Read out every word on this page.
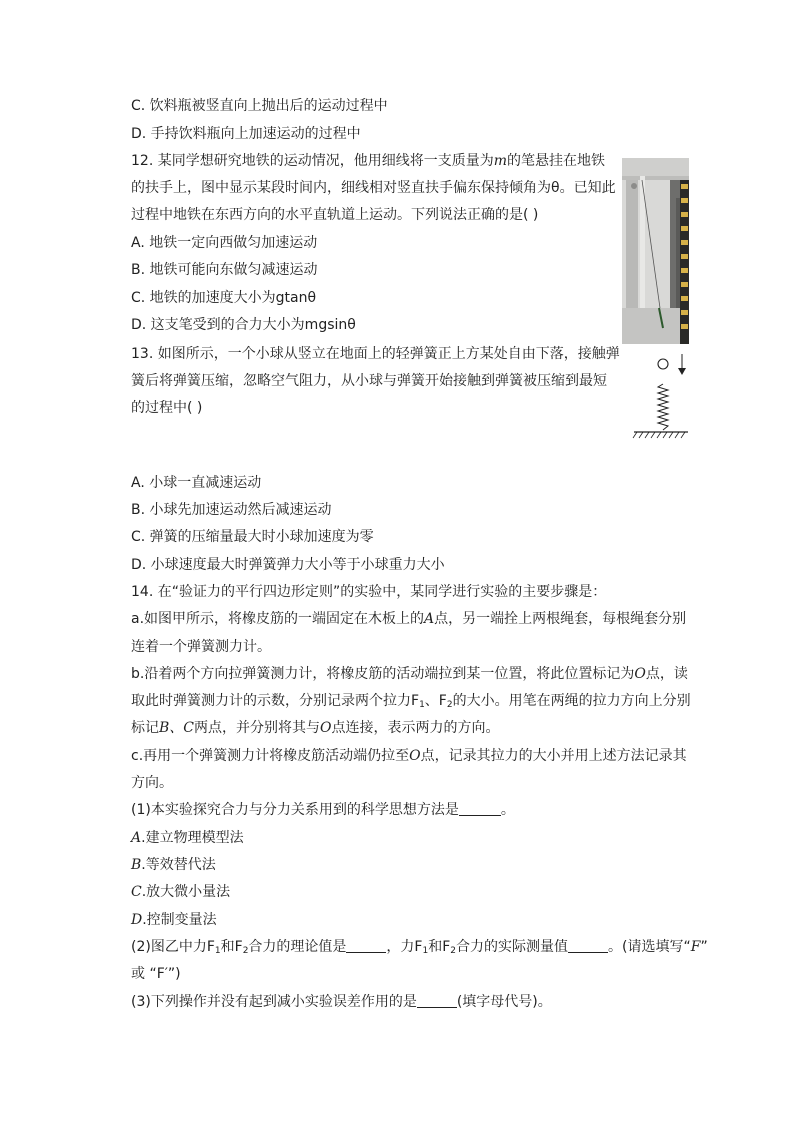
C. 饮料瓶被竖直向上抛出后的运动过程中
D. 手持饮料瓶向上加速运动的过程中
12. 某同学想研究地铁的运动情况，他用细线将一支质量为m的笔悬挂在地铁
的扶手上，图中显示某段时间内，细线相对竖直扶手偏东保持倾角为θ。已知此
过程中地铁在东西方向的水平直轨道上运动。下列说法正确的是( )
A. 地铁一定向西做匀加速运动
B. 地铁可能向东做匀减速运动
C. 地铁的加速度大小为gtanθ
D. 这支笔受到的合力大小为mgsinθ
13. 如图所示，一个小球从竖立在地面上的轻弹簧正上方某处自由下落，接触弹
簧后将弹簧压缩，忽略空气阻力，从小球与弹簧开始接触到弹簧被压缩到最短
的过程中( )
A. 小球一直减速运动
B. 小球先加速运动然后减速运动
C. 弹簧的压缩量最大时小球加速度为零
D. 小球速度最大时弹簧弹力大小等于小球重力大小
14. 在“验证力的平行四边形定则”的实验中，某同学进行实验的主要步骤是：
a.如图甲所示，将橡皮筋的一端固定在木板上的A点，另一端拴上两根绳套，每根绳套分别
连着一个弹簧测力计。
b.沿着两个方向拉弹簧测力计，将橡皮筋的活动端拉到某一位置，将此位置标记为O点，读
取此时弹簧测力计的示数，分别记录两个拉力$F_1$、$F_2$的大小。用笔在两绳的拉力方向上分别
标记B、C两点，并分别将其与O点连接，表示两力的方向。
c.再用一个弹簧测力计将橡皮筋活动端仍拉至O点，记录其拉力的大小并用上述方法记录其
方向。
(1)本实验探究合力与分力关系用到的科学思想方法是	。
A.建立物理模型法
B.等效替代法
C.放大微小量法
D.控制变量法
(2)图乙中力$F_1$和$F_2$合力的理论值是	，力$F_1$和$F_2$合力的实际测量值	。(请选填写“F”
或 “F′”)
(3)下列操作并没有起到减小实验误差作用的是	(填字母代号)。
